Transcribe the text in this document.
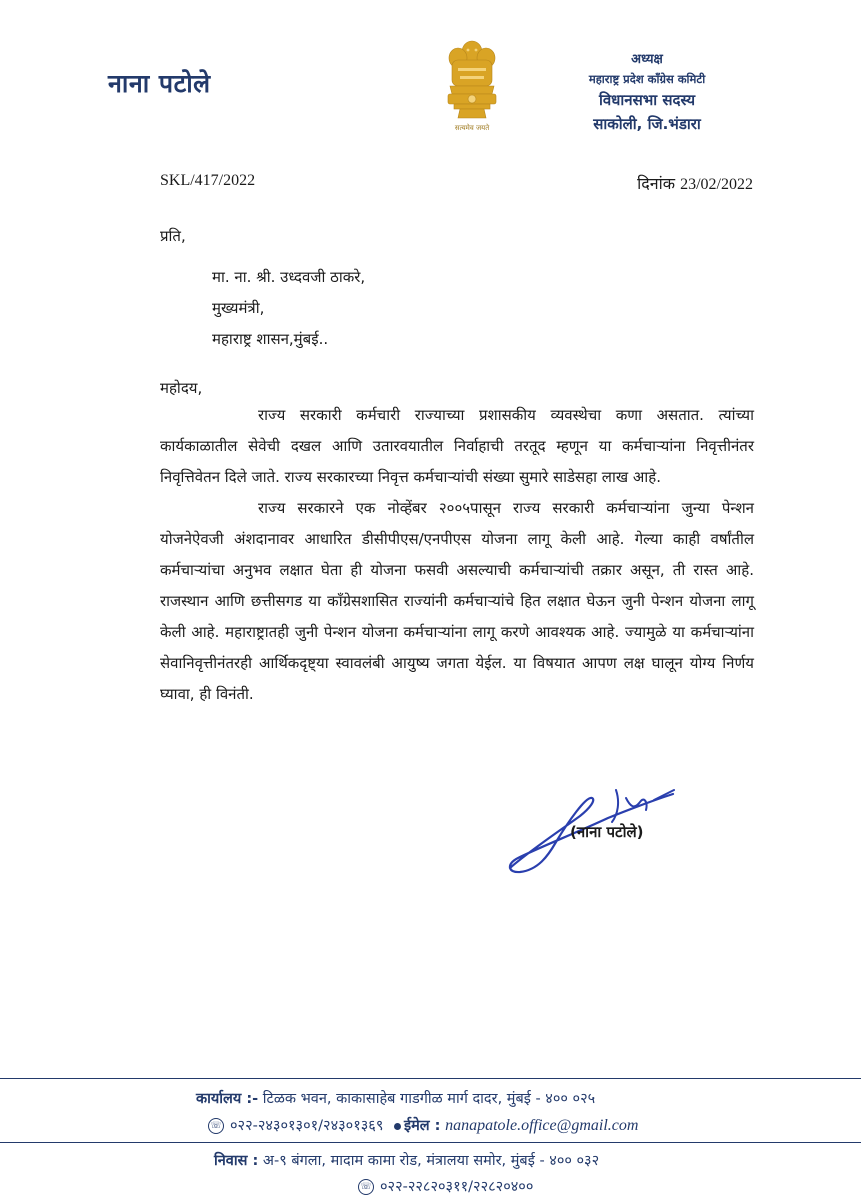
नाना पटोले
सत्यमेव जयते
अध्यक्ष
महाराष्ट्र प्रदेश काँग्रेस कमिटी
विधानसभा सदस्य
साकोली, जि.भंडारा
SKL/417/2022	दिनांक 23/02/2022
प्रति,
मा. ना. श्री. उध्दवजी ठाकरे,
मुख्यमंत्री,
महाराष्ट्र शासन,मुंबई..
महोदय,

राज्य सरकारी कर्मचारी राज्याच्या प्रशासकीय व्यवस्थेचा कणा असतात. त्यांच्या कार्यकाळातील सेवेची दखल आणि उतारवयातील निर्वाहाची तरतूद म्हणून या कर्मचाऱ्यांना निवृत्तीनंतर निवृत्तिवेतन दिले जाते. राज्य सरकारच्या निवृत्त कर्मचाऱ्यांची संख्या सुमारे साडेसहा लाख आहे.

राज्य सरकारने एक नोव्हेंबर २००५पासून राज्य सरकारी कर्मचाऱ्यांना जुन्या पेन्शन योजनेऐवजी अंशदानावर आधारित डीसीपीएस/एनपीएस योजना लागू केली आहे. गेल्या काही वर्षांतील कर्मचाऱ्यांचा अनुभव लक्षात घेता ही योजना फसवी असल्याची कर्मचाऱ्यांची तक्रार असून, ती रास्त आहे. राजस्थान आणि छत्तीसगड या काँग्रेसशासित राज्यांनी कर्मचाऱ्यांचे हित लक्षात घेऊन जुनी पेन्शन योजना लागू केली आहे. महाराष्ट्रातही जुनी पेन्शन योजना कर्मचाऱ्यांना लागू करणे आवश्यक आहे. ज्यामुळे या कर्मचाऱ्यांना सेवानिवृत्तीनंतरही आर्थिकदृष्ट्या स्वावलंबी आयुष्य जगता येईल. या विषयात आपण लक्ष घालून योग्य निर्णय घ्यावा, ही विनंती.

(नाना पटोले)
कार्यालय :- टिळक भवन, काकासाहेब गाडगीळ मार्ग दादर, मुंबई - ४०० ०२५
☏ ०२२-२४३०१३०१/२४३०१३६९ ईमेल : nanapatole.office@gmail.com
निवास : अ-९ बंगला, मादाम कामा रोड, मंत्रालया समोर, मुंबई - ४०० ०३२
☏ ०२२-२२८२०३११/२२८२०४००
